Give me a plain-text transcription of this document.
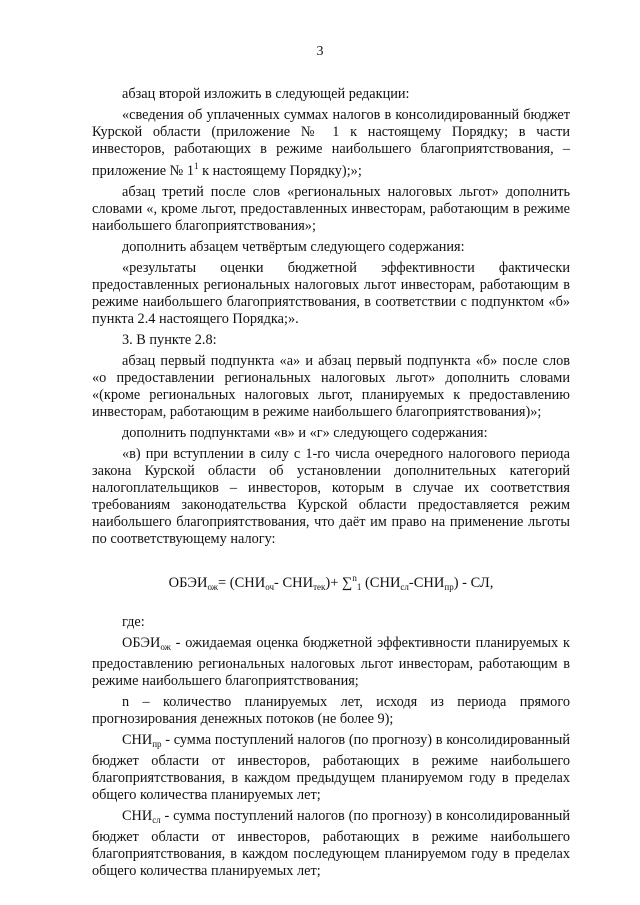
3

абзац второй изложить в следующей редакции:

«сведения об уплаченных суммах налогов в консолидированный бюджет Курской области (приложение № 1 к настоящему Порядку; в части инвесторов, работающих в режиме наибольшего благоприятствования, – приложение № $1^1$ к настоящему Порядку);»;

абзац третий после слов «региональных налоговых льгот» дополнить словами «, кроме льгот, предоставленных инвесторам, работающим в режиме наибольшего благоприятствования»;

дополнить абзацем четвёртым следующего содержания:

«результаты оценки бюджетной эффективности фактически предоставленных региональных налоговых льгот инвесторам, работающим в режиме наибольшего благоприятствования, в соответствии с подпунктом «б» пункта 2.4 настоящего Порядка;».

3. В пункте 2.8:

абзац первый подпункта «а» и абзац первый подпункта «б» после слов «о предоставлении региональных налоговых льгот» дополнить словами «(кроме региональных налоговых льгот, планируемых к предоставлению инвесторам, работающим в режиме наибольшего благоприятствования)»;

дополнить подпунктами «в» и «г» следующего содержания:

«в) при вступлении в силу с 1-го числа очередного налогового периода закона Курской области об установлении дополнительных категорий налогоплательщиков – инвесторов, которым в случае их соответствия требованиям законодательства Курской области предоставляется режим наибольшего благоприятствования, что даёт им право на применение льготы по соответствующему налогу:

$ОБЭИ_{ож}= (СНИ_{оч}-$ $СНИ_{тек})+ \sum^n_1$ $(СНИ_{сл}-СНИ_{пр})$ - СЛ,

где:

$ОБЭИ_{ож}$ - ожидаемая оценка бюджетной эффективности планируемых к предоставлению региональных налоговых льгот инвесторам, работающим в режиме наибольшего благоприятствования;

n – количество планируемых лет, исходя из периода прямого прогнозирования денежных потоков (не более 9);

$СНИ_{пр}$ - сумма поступлений налогов (по прогнозу) в консолидированный бюджет области от инвесторов, работающих в режиме наибольшего благоприятствования, в каждом предыдущем планируемом году в пределах общего количества планируемых лет;

$СНИ_{сл}$ - сумма поступлений налогов (по прогнозу) в консолидированный бюджет области от инвесторов, работающих в режиме наибольшего благоприятствования, в каждом последующем планируемом году в пределах общего количества планируемых лет;
